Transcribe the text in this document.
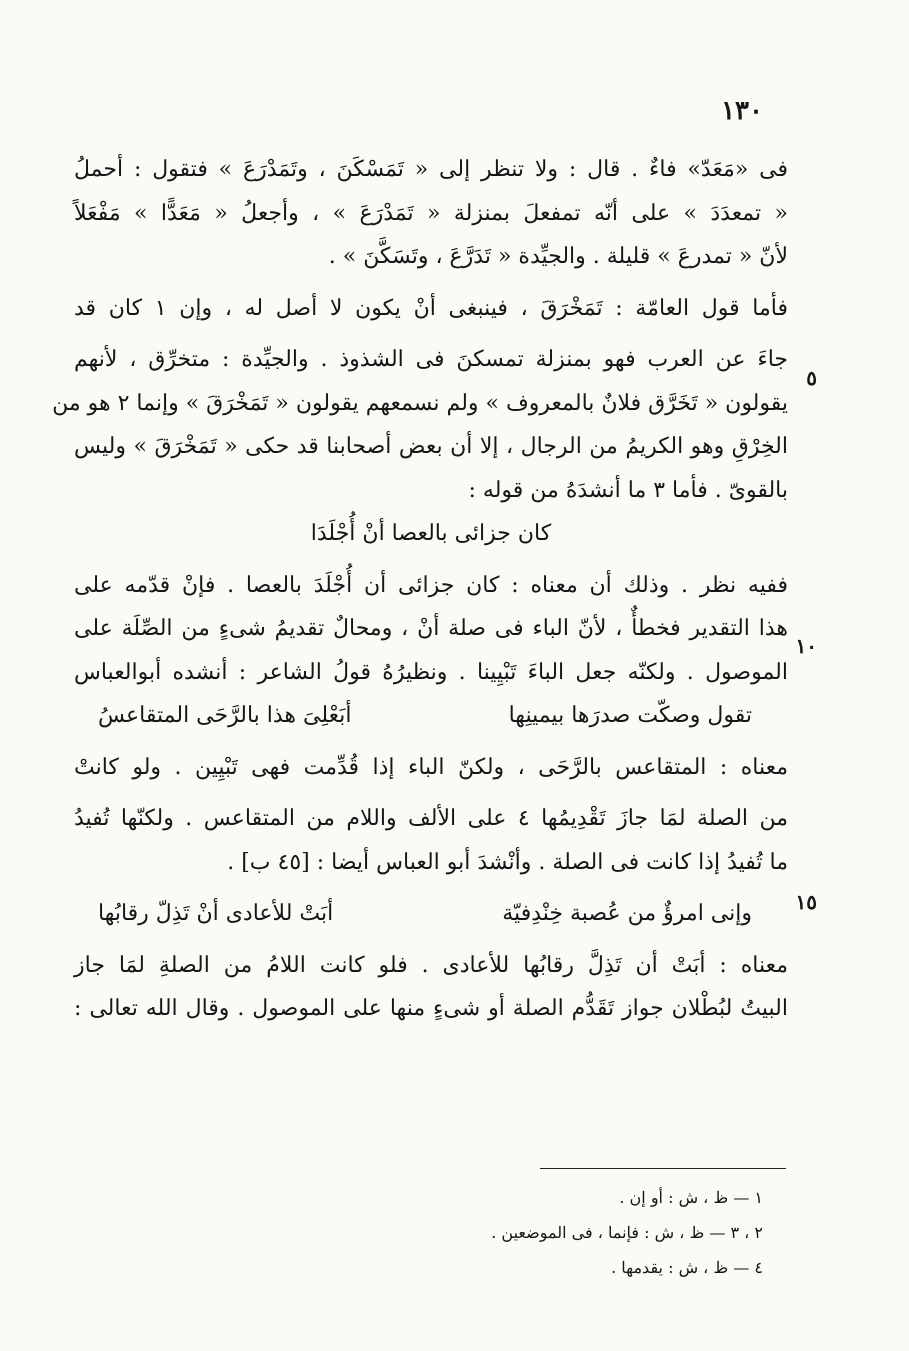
١٣٠
٥
١٠
١٥
فى «مَعَدّ» فاءٌ . قال : ولا تنظر إلى « تَمَسْكَنَ ، وتَمَدْرَعَ » فتقول : أحملُ
« تمعدَدَ » على أنّه تمفعلَ بمنزلة « تَمَدْرَعَ » ، وأجعلُ « مَعَدًّا » مَفْعَلاً
لأنّ « تمدرعَ » قليلة . والجيِّدة « تَدَرَّعَ ، وتَسَكَّنَ » .
فأما قول العامّة : تَمَخْرَقَ ، فينبغى أنْ يكون لا أصل له ، وإن ١ كان قد
جاءَ عن العرب فهو بمنزلة تمسكنَ فى الشذوذ . والجيِّدة : متخرِّق ، لأنهم
يقولون « تَخَرَّق فلانٌ بالمعروف » ولم نسمعهم يقولون « تَمَخْرَقَ » وإنما ٢ هو من
الخِرْقِ وهو الكريمُ من الرجال ، إلا أن بعض أصحابنا قد حكى « تَمَخْرَقَ » وليس
بالقوىّ . فأما ٣ ما أنشدَهُ من قوله :
كان جزائى بالعصا أنْ أُجْلَدَا
ففيه نظر . وذلك أن معناه : كان جزائى أن أُجْلَدَ بالعصا . فإنْ قدّمه على
هذا التقدير فخطأٌ ، لأنّ الباء فى صلة أنْ ، ومحالٌ تقديمُ شىءٍ من الصِّلَة على
الموصول . ولكنّه جعل الباءَ تَبْيِينا . ونظيرُهُ قولُ الشاعر : أنشده أبوالعباس
تقول وصكّت صدرَها بيمينِها
أبَعْلِىَ هذا بالرَّحَى المتقاعسُ
معناه : المتقاعس بالرَّحَى ، ولكنّ الباء إذا قُدِّمت فهى تَبْيِين . ولو كانتْ
من الصلة لمَا جازَ تَقْدِيمُها ٤ على الألف واللام من المتقاعس . ولكنّها تُفيدُ
ما تُفيدُ إذا كانت فى الصلة . وأنْشدَ أبو العباس أيضا : [٤٥ ب] .
وإنى امرؤٌ من عُصبة خِنْدِفيّة
أبَتْ للأعادى أنْ تَذِلّ رقابُها
معناه : أبَتْ أن تَذِلَّ رقابُها للأعادى . فلو كانت اللامُ من الصلةِ لمَا جاز
البيتُ لبُطْلان جواز تَقَدُّم الصلة أو شىءٍ منها على الموصول . وقال الله تعالى :
١ — ظ ، ش : أو إن .
٢ ، ٣ — ظ ، ش : فإنما ، فى الموضعين .
٤ — ظ ، ش : يقدمها .
